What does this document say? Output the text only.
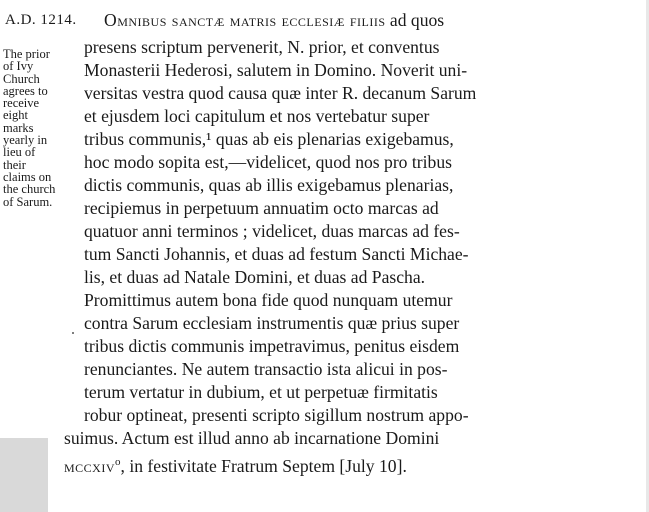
A.D. 1214.
The prior
of Ivy
Church
agrees to
receive
eight
marks
yearly in
lieu of
their
claims on
the church
of Sarum.
Omnibus sanctæ matris ecclesiæ filiis ad quos
presens scriptum pervenerit, N. prior, et conventus
Monasterii Hederosi, salutem in Domino. Noverit uni-
versitas vestra quod causa quæ inter R. decanum Sarum
et ejusdem loci capitulum et nos vertebatur super
tribus communis,¹ quas ab eis plenarias exigebamus,
hoc modo sopita est,—videlicet, quod nos pro tribus
dictis communis, quas ab illis exigebamus plenarias,
recipiemus in perpetuum annuatim octo marcas ad
quatuor anni terminos ; videlicet, duas marcas ad fes-
tum Sancti Johannis, et duas ad festum Sancti Michae-
lis, et duas ad Natale Domini, et duas ad Pascha.
Promittimus autem bona fide quod nunquam utemur
contra Sarum ecclesiam instrumentis quæ prius super
tribus dictis communis impetravimus, penitus eisdem
renunciantes. Ne autem transactio ista alicui in pos-
terum vertatur in dubium, et ut perpetuæ firmitatis
robur optineat, presenti scripto sigillum nostrum appo-
suimus. Actum est illud anno ab incarnatione Domini
mccxiv$^o$, in festivitate Fratrum Septem [July 10].
